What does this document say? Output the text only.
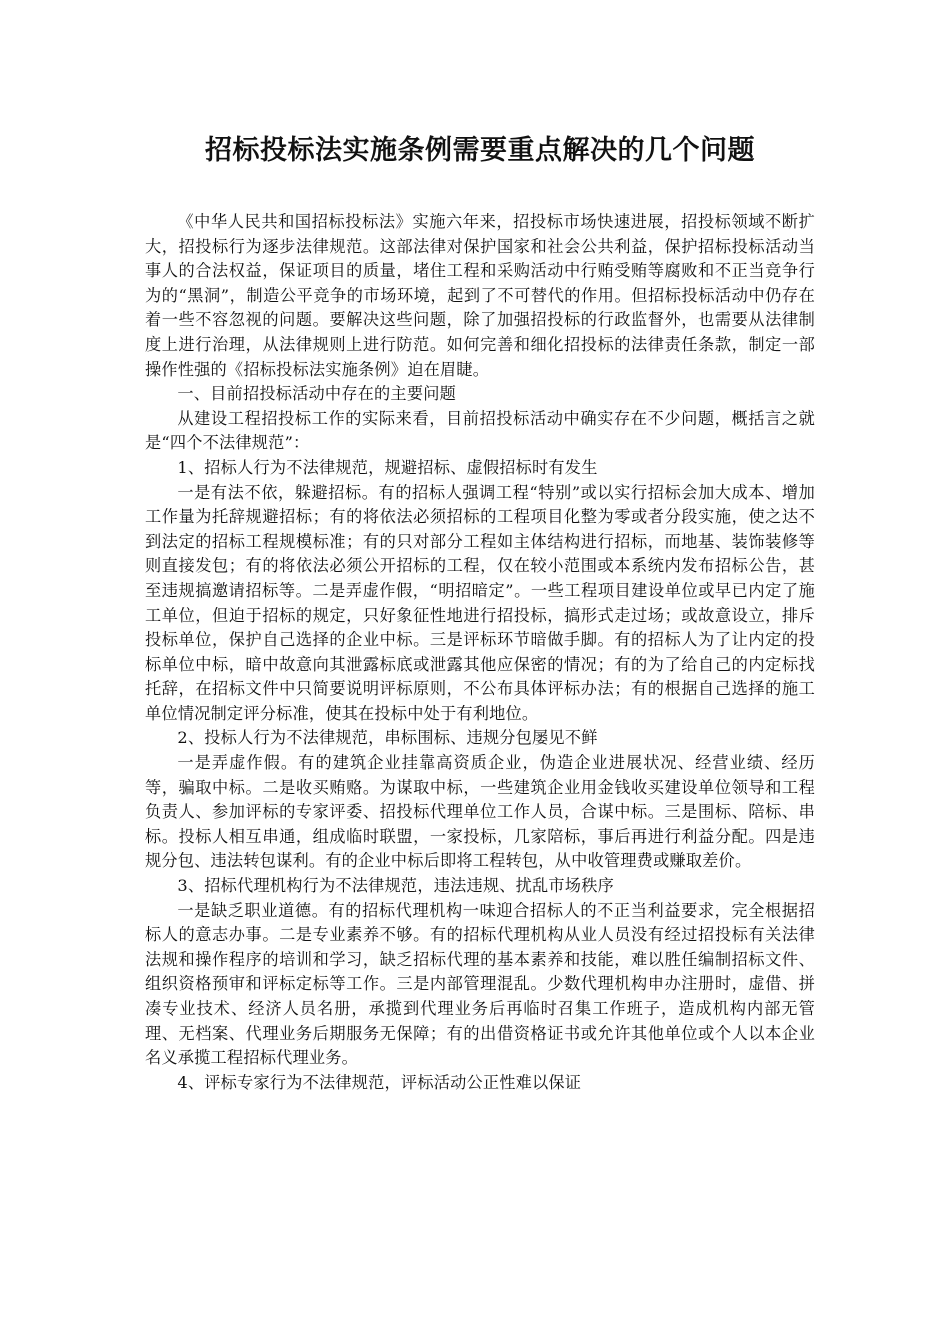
招标投标法实施条例需要重点解决的几个问题

《中华人民共和国招标投标法》实施六年来，招投标市场快速进展，招投标领域不断扩大，招投标行为逐步法律规范。这部法律对保护国家和社会公共利益，保护招标投标活动当事人的合法权益，保证项目的质量，堵住工程和采购活动中行贿受贿等腐败和不正当竞争行为的“黑洞”，制造公平竞争的市场环境，起到了不可替代的作用。但招标投标活动中仍存在着一些不容忽视的问题。要解决这些问题，除了加强招投标的行政监督外，也需要从法律制度上进行治理，从法律规则上进行防范。如何完善和细化招投标的法律责任条款，制定一部操作性强的《招标投标法实施条例》迫在眉睫。

一、目前招投标活动中存在的主要问题

从建设工程招投标工作的实际来看，目前招投标活动中确实存在不少问题，概括言之就是“四个不法律规范”：

1、招标人行为不法律规范，规避招标、虚假招标时有发生

一是有法不依，躲避招标。有的招标人强调工程“特别”或以实行招标会加大成本、增加工作量为托辞规避招标；有的将依法必须招标的工程项目化整为零或者分段实施，使之达不到法定的招标工程规模标准；有的只对部分工程如主体结构进行招标，而地基、装饰装修等则直接发包；有的将依法必须公开招标的工程，仅在较小范围或本系统内发布招标公告，甚至违规搞邀请招标等。二是弄虚作假，“明招暗定”。一些工程项目建设单位或早已内定了施工单位，但迫于招标的规定，只好象征性地进行招投标，搞形式走过场；或故意设立，排斥投标单位，保护自己选择的企业中标。三是评标环节暗做手脚。有的招标人为了让内定的投标单位中标，暗中故意向其泄露标底或泄露其他应保密的情况；有的为了给自己的内定标找托辞，在招标文件中只简要说明评标原则，不公布具体评标办法；有的根据自己选择的施工单位情况制定评分标准，使其在投标中处于有利地位。

2、投标人行为不法律规范，串标围标、违规分包屡见不鲜

一是弄虚作假。有的建筑企业挂靠高资质企业，伪造企业进展状况、经营业绩、经历等，骗取中标。二是收买贿赂。为谋取中标，一些建筑企业用金钱收买建设单位领导和工程负责人、参加评标的专家评委、招投标代理单位工作人员，合谋中标。三是围标、陪标、串标。投标人相互串通，组成临时联盟，一家投标，几家陪标，事后再进行利益分配。四是违规分包、违法转包谋利。有的企业中标后即将工程转包，从中收管理费或赚取差价。

3、招标代理机构行为不法律规范，违法违规、扰乱市场秩序

一是缺乏职业道德。有的招标代理机构一味迎合招标人的不正当利益要求，完全根据招标人的意志办事。二是专业素养不够。有的招标代理机构从业人员没有经过招投标有关法律法规和操作程序的培训和学习，缺乏招标代理的基本素养和技能，难以胜任编制招标文件、组织资格预审和评标定标等工作。三是内部管理混乱。少数代理机构申办注册时，虚借、拼凑专业技术、经济人员名册，承揽到代理业务后再临时召集工作班子，造成机构内部无管理、无档案、代理业务后期服务无保障；有的出借资格证书或允许其他单位或个人以本企业名义承揽工程招标代理业务。

4、评标专家行为不法律规范，评标活动公正性难以保证
